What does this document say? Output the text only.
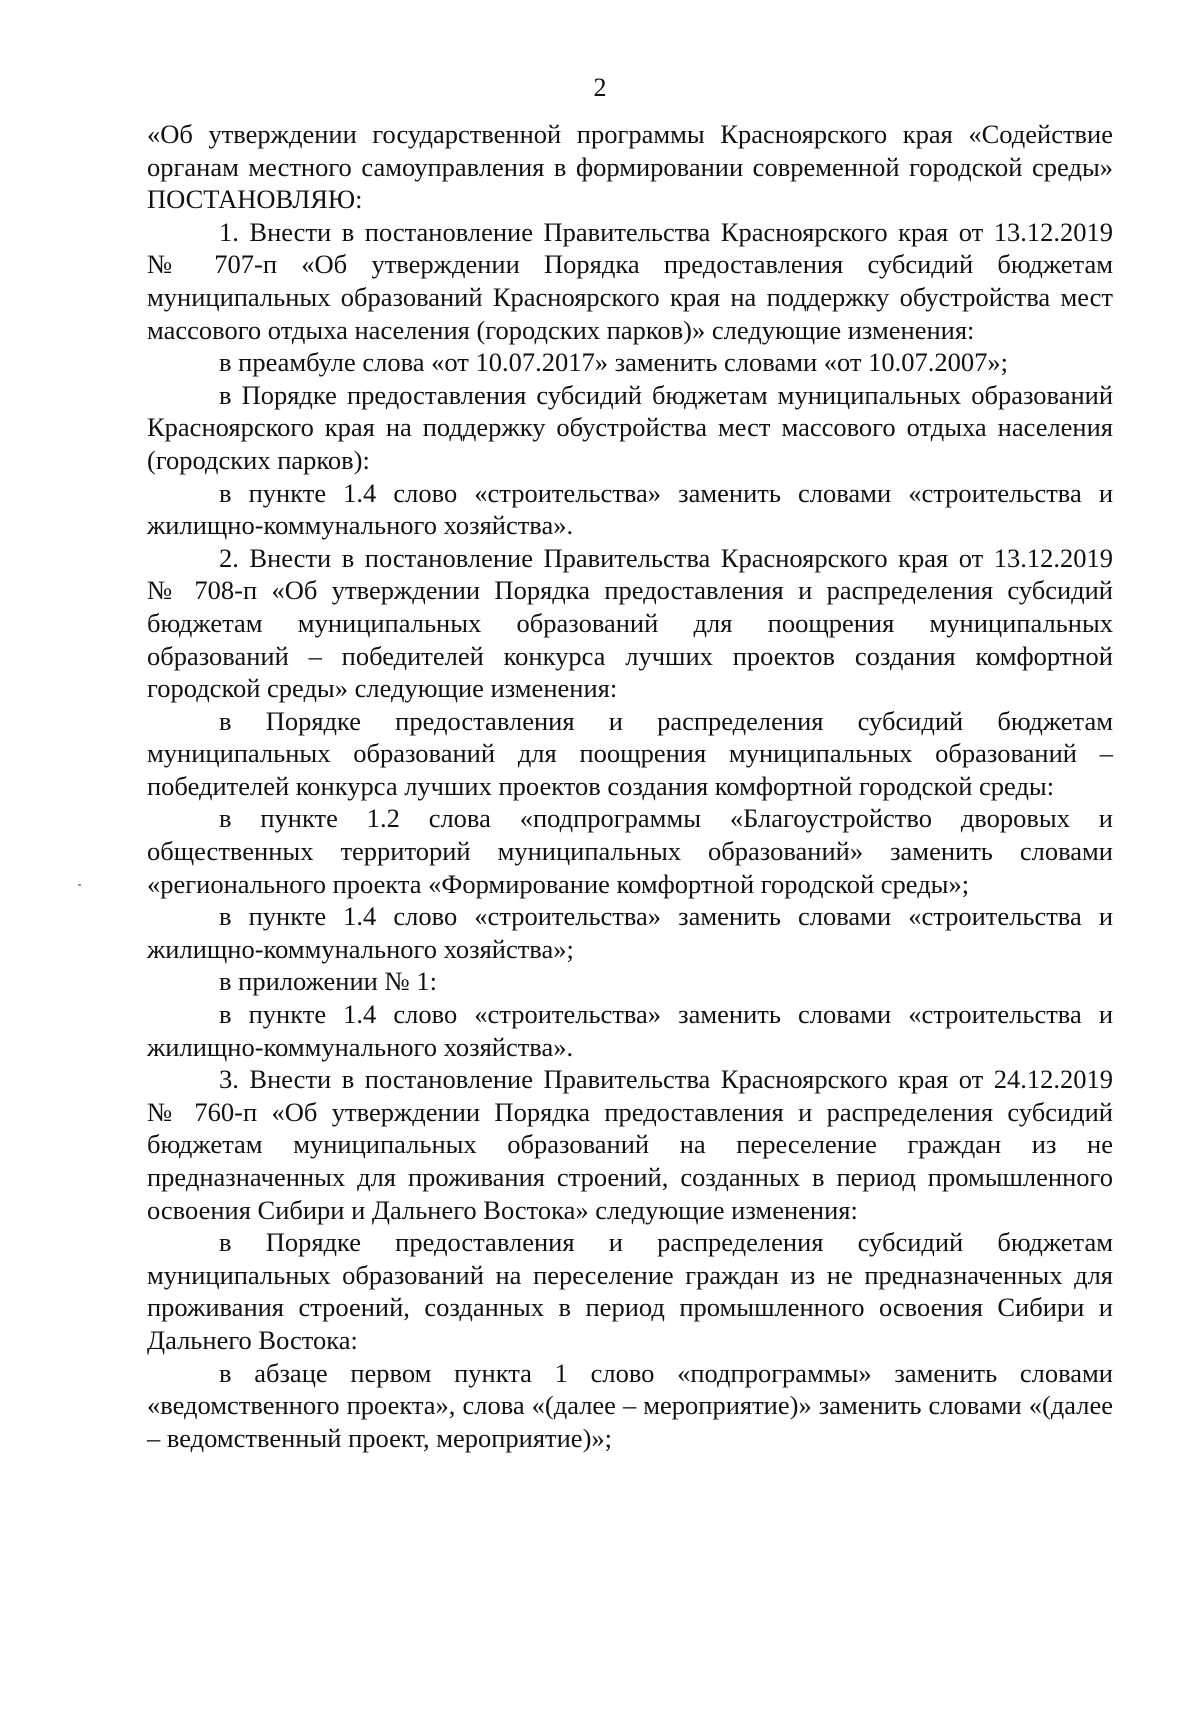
2

«Об утверждении государственной программы Красноярского края «Содействие органам местного самоуправления в формировании современной городской среды» ПОСТАНОВЛЯЮ:

1. Внести в постановление Правительства Красноярского края от 13.12.2019 № 707-п «Об утверждении Порядка предоставления субсидий бюджетам муниципальных образований Красноярского края на поддержку обустройства мест массового отдыха населения (городских парков)» следующие изменения:

в преамбуле слова «от 10.07.2017» заменить словами «от 10.07.2007»;

в Порядке предоставления субсидий бюджетам муниципальных образований Красноярского края на поддержку обустройства мест массового отдыха населения (городских парков):

в пункте 1.4 слово «строительства» заменить словами «строительства и жилищно-коммунального хозяйства».

2. Внести в постановление Правительства Красноярского края от 13.12.2019 № 708-п «Об утверждении Порядка предоставления и распределения субсидий бюджетам муниципальных образований для поощрения муниципальных образований – победителей конкурса лучших проектов создания комфортной городской среды» следующие изменения:

в Порядке предоставления и распределения субсидий бюджетам муниципальных образований для поощрения муниципальных образований – победителей конкурса лучших проектов создания комфортной городской среды:

в пункте 1.2 слова «подпрограммы «Благоустройство дворовых и общественных территорий муниципальных образований» заменить словами «регионального проекта «Формирование комфортной городской среды»;

в пункте 1.4 слово «строительства» заменить словами «строительства и жилищно-коммунального хозяйства»;

в приложении № 1:

в пункте 1.4 слово «строительства» заменить словами «строительства и жилищно-коммунального хозяйства».

3. Внести в постановление Правительства Красноярского края от 24.12.2019 № 760-п «Об утверждении Порядка предоставления и распределения субсидий бюджетам муниципальных образований на переселение граждан из не предназначенных для проживания строений, созданных в период промышленного освоения Сибири и Дальнего Востока» следующие изменения:

в Порядке предоставления и распределения субсидий бюджетам муниципальных образований на переселение граждан из не предназначенных для проживания строений, созданных в период промышленного освоения Сибири и Дальнего Востока:

в абзаце первом пункта 1 слово «подпрограммы» заменить словами «ведомственного проекта», слова «(далее – мероприятие)» заменить словами «(далее – ведомственный проект, мероприятие)»;
